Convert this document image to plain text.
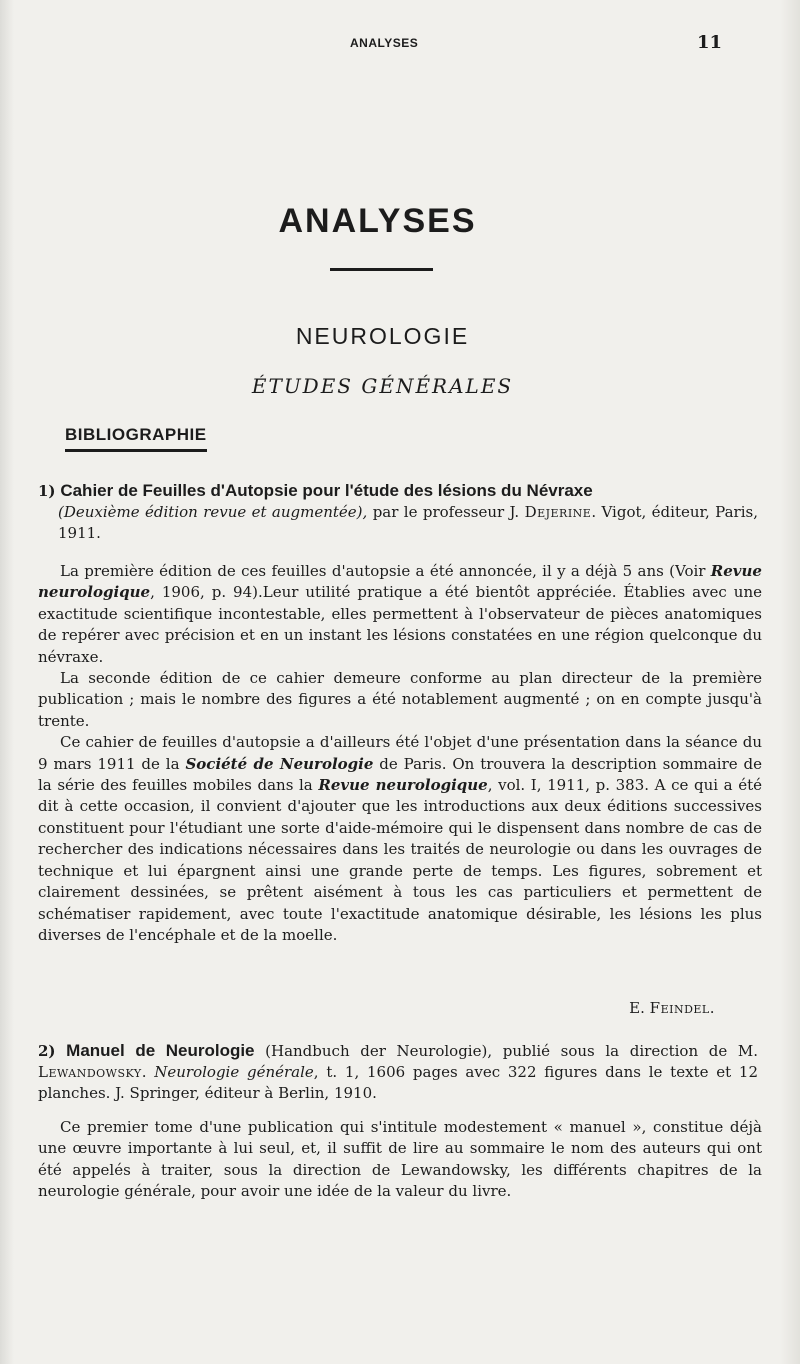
ANALYSES	11
ANALYSES
NEUROLOGIE
ÉTUDES GÉNÉRALES
BIBLIOGRAPHIE
1) Cahier de Feuilles d'Autopsie pour l'étude des lésions du Névraxe
(Deuxième édition revue et augmentée), par le professeur J. Dejerine. Vigot, éditeur, Paris, 1911.

La première édition de ces feuilles d'autopsie a été annoncée, il y a déjà 5 ans (Voir Revue neurologique, 1906, p. 94).Leur utilité pratique a été bientôt appréciée. Établies avec une exactitude scientifique incontestable, elles permettent à l'observateur de pièces anatomiques de repérer avec précision et en un instant les lésions constatées en une région quelconque du névraxe.

La seconde édition de ce cahier demeure conforme au plan directeur de la première publication ; mais le nombre des figures a été notablement augmenté ; on en compte jusqu'à trente.

Ce cahier de feuilles d'autopsie a d'ailleurs été l'objet d'une présentation dans la séance du 9 mars 1911 de la Société de Neurologie de Paris. On trouvera la description sommaire de la série des feuilles mobiles dans la Revue neurologique, vol. I, 1911, p. 383. A ce qui a été dit à cette occasion, il convient d'ajouter que les introductions aux deux éditions successives constituent pour l'étudiant une sorte d'aide-mémoire qui le dispensent dans nombre de cas de rechercher des indications nécessaires dans les traités de neurologie ou dans les ouvrages de technique et lui épargnent ainsi une grande perte de temps. Les figures, sobrement et clairement dessinées, se prêtent aisément à tous les cas particuliers et permettent de schématiser rapidement, avec toute l'exactitude anatomique désirable, les lésions les plus diverses de l'encéphale et de la moelle.

E. Feindel.
2) Manuel de Neurologie (Handbuch der Neurologie), publié sous la direction de M. Lewandowsky. Neurologie générale, t. 1, 1606 pages avec 322 figures dans le texte et 12 planches. J. Springer, éditeur à Berlin, 1910.

Ce premier tome d'une publication qui s'intitule modestement « manuel », constitue déjà une œuvre importante à lui seul, et, il suffit de lire au sommaire le nom des auteurs qui ont été appelés à traiter, sous la direction de Lewandowsky, les différents chapitres de la neurologie générale, pour avoir une idée de la valeur du livre.
